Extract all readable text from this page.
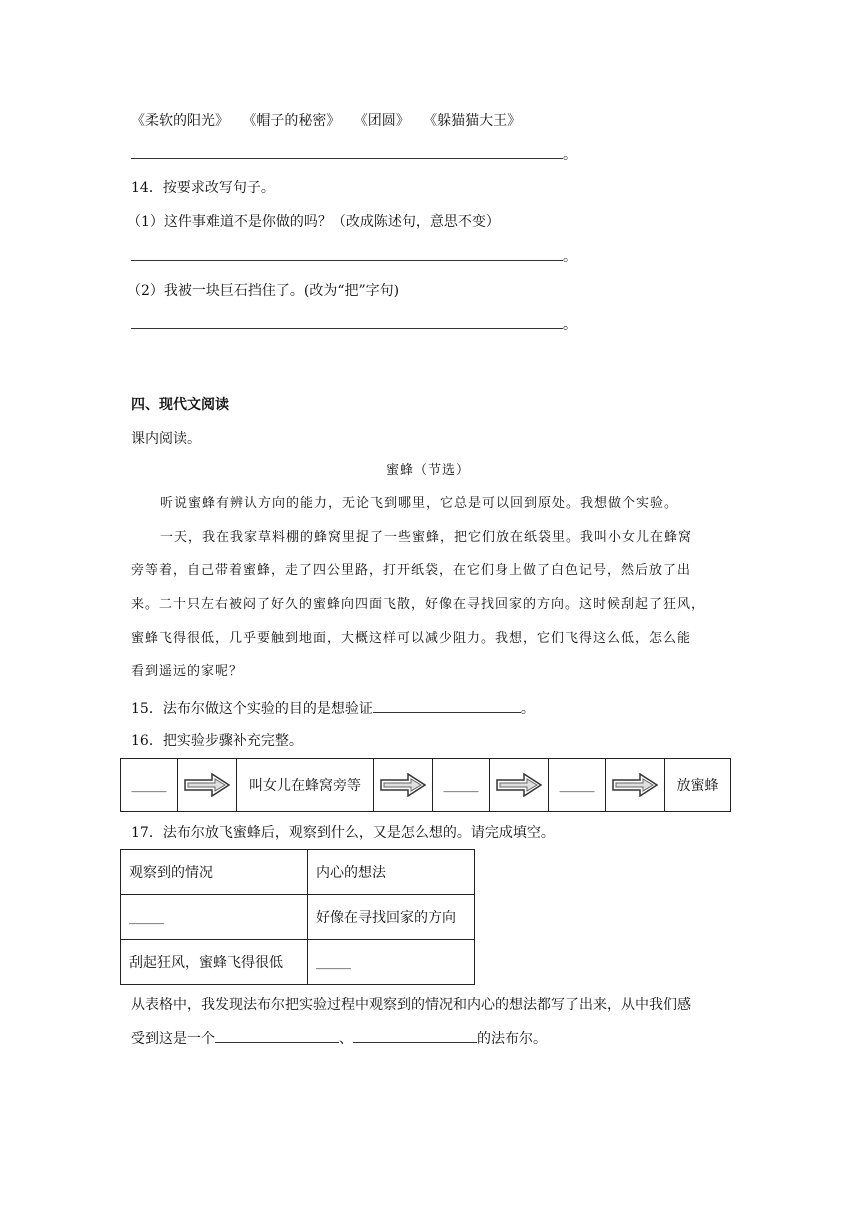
《柔软的阳光》 《帽子的秘密》 《团圆》 《躲猫猫大王》
。
14．按要求改写句子。
（1）这件事难道不是你做的吗？（改成陈述句，意思不变）
。
（2）我被一块巨石挡住了。(改为“把”字句)
。
四、现代文阅读
课内阅读。
蜜蜂（节选）
听说蜜蜂有辨认方向的能力，无论飞到哪里，它总是可以回到原处。我想做个实验。
一天，我在我家草料棚的蜂窝里捉了一些蜜蜂，把它们放在纸袋里。我叫小女儿在蜂窝
旁等着，自己带着蜜蜂，走了四公里路，打开纸袋，在它们身上做了白色记号，然后放了出
来。二十只左右被闷了好久的蜜蜂向四面飞散，好像在寻找回家的方向。这时候刮起了狂风，
蜜蜂飞得很低，几乎要触到地面，大概这样可以减少阻力。我想，它们飞得这么低，怎么能
看到遥远的家呢？
15．法布尔做这个实验的目的是想验证	。
16．把实验步骤补充完整。
_____		叫女儿在蜂窝旁等		_____		_____		放蜜蜂
17．法布尔放飞蜜蜂后，观察到什么，又是怎么想的。请完成填空。
观察到的情况	内心的想法
_____	好像在寻找回家的方向
刮起狂风，蜜蜂飞得很低	_____
从表格中，我发现法布尔把实验过程中观察到的情况和内心的想法都写了出来，从中我们感
受到这是一个	、	的法布尔。
